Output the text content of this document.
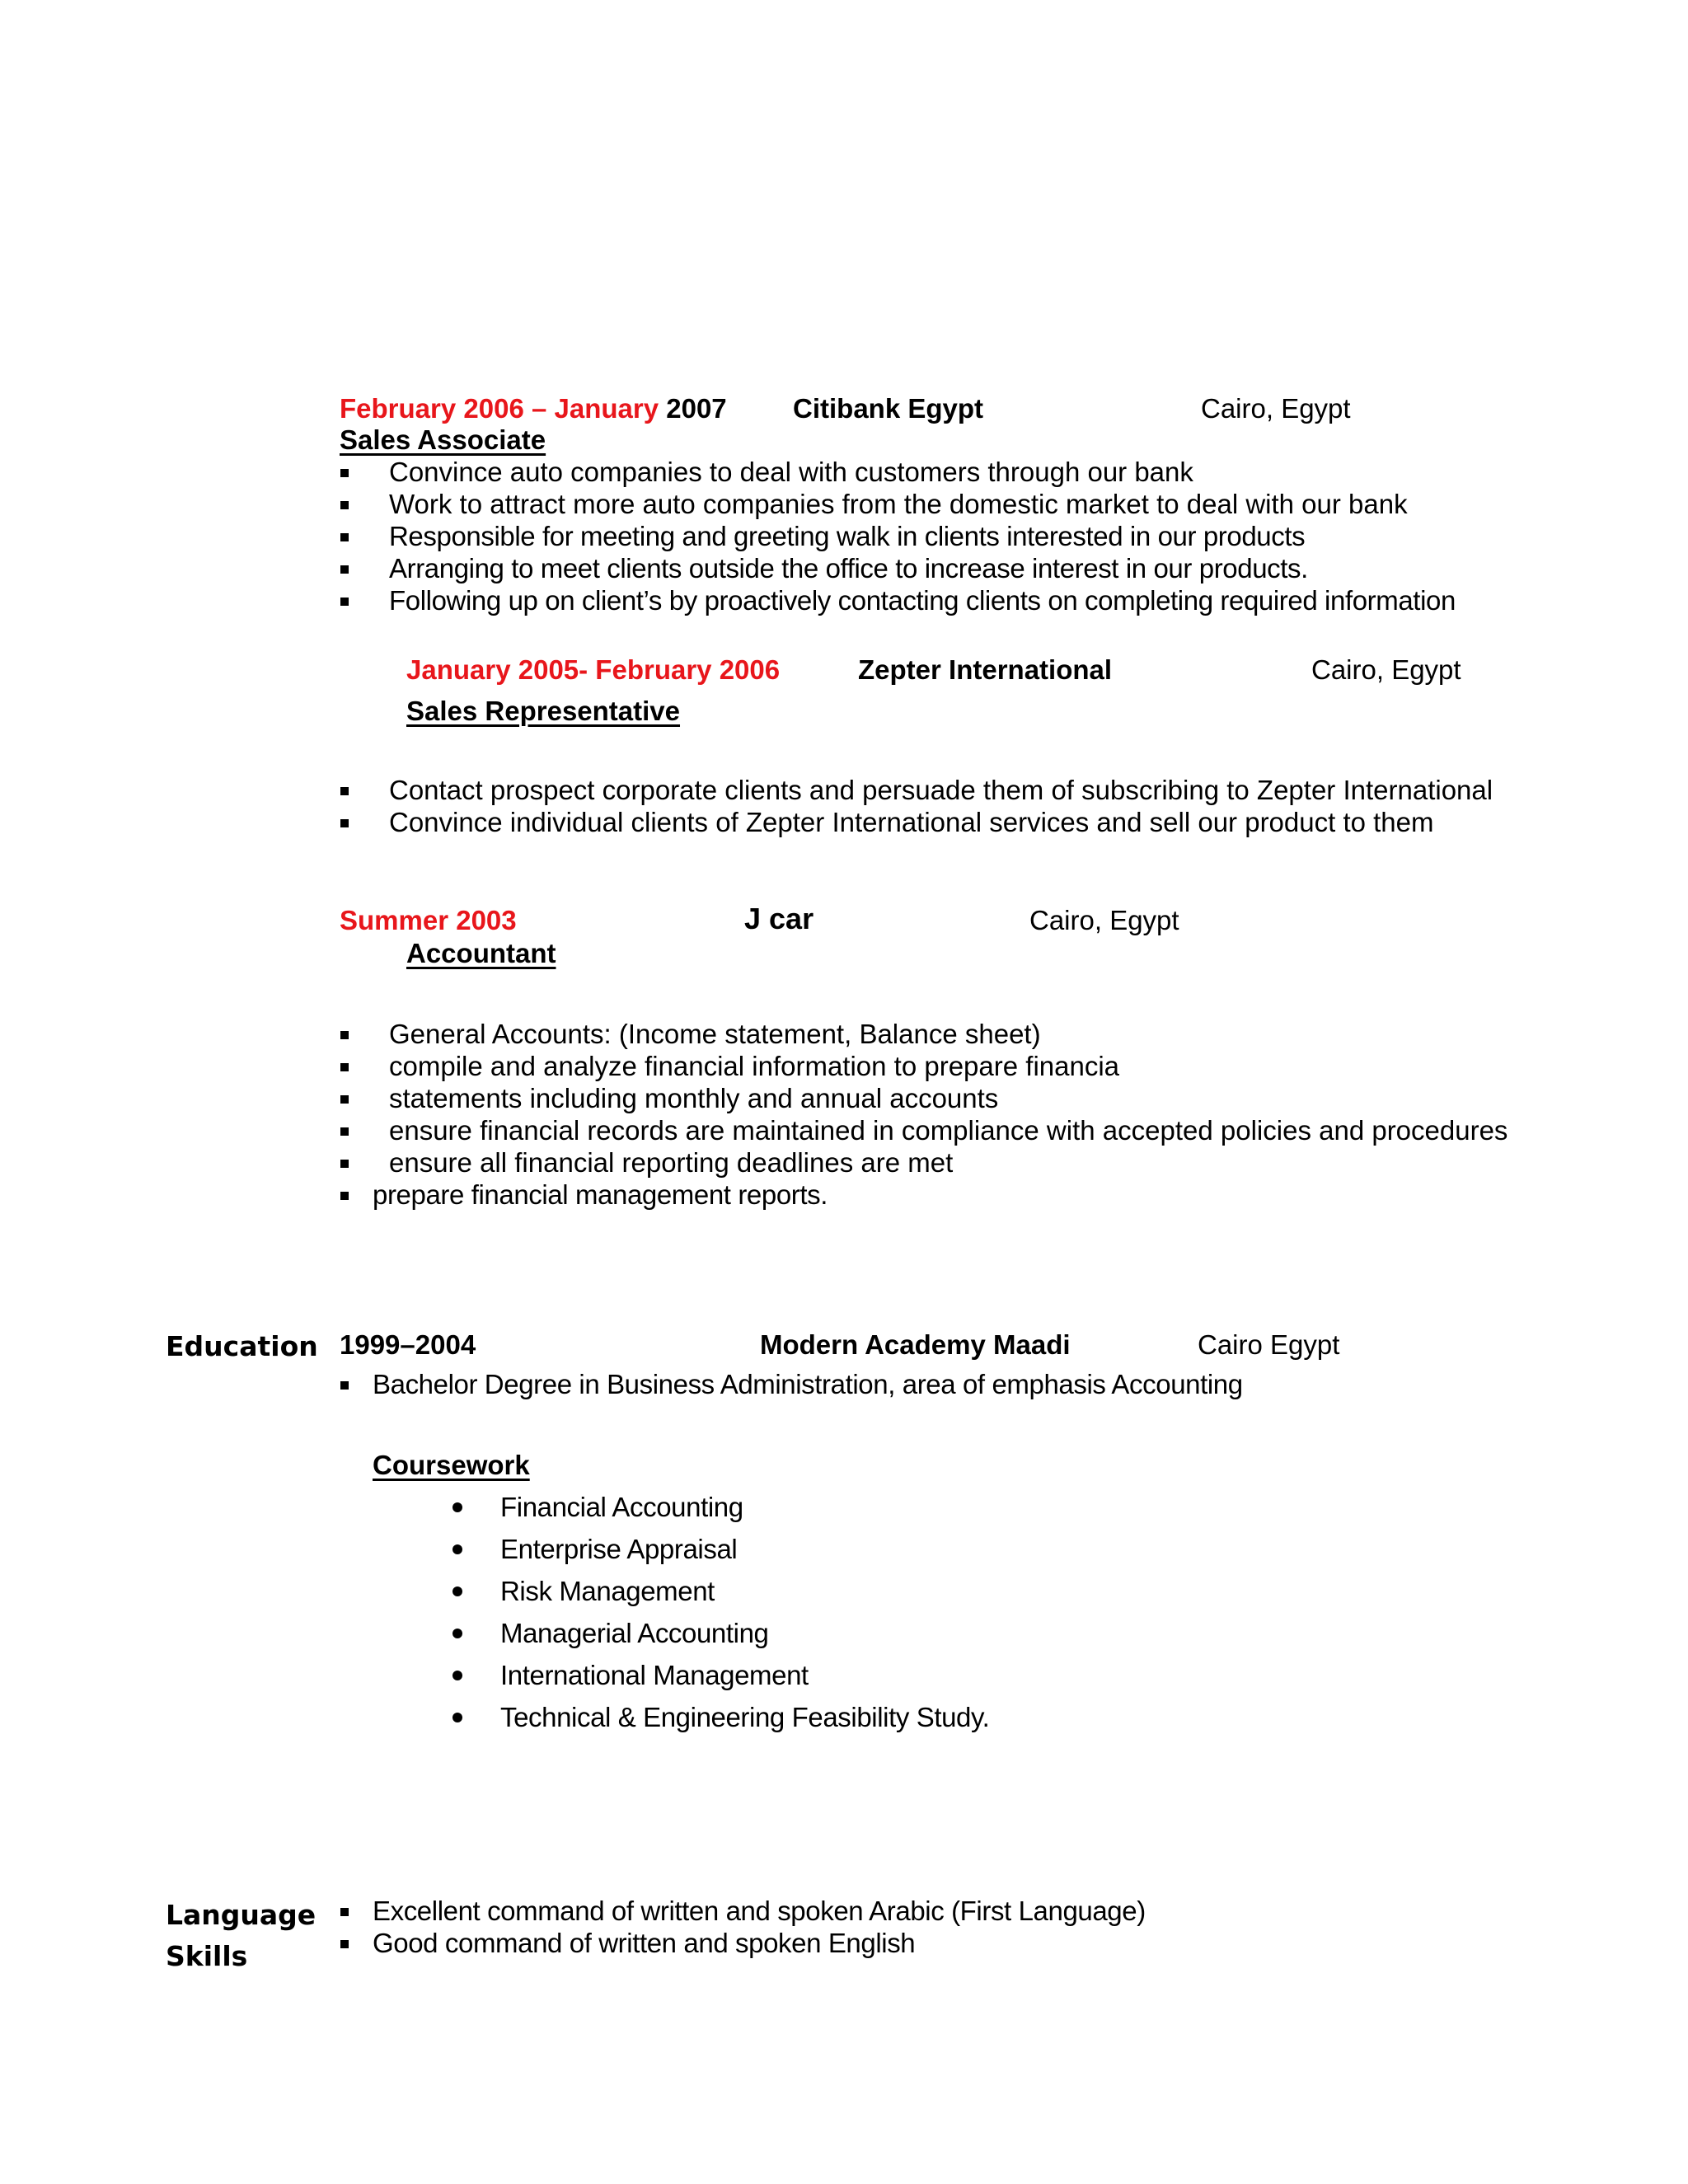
February 2006 – January 2007 Citibank Egypt	Cairo, Egypt
Sales Associate
Convince auto companies to deal with customers through our bank
Work to attract more auto companies from the domestic market to deal with our bank
Responsible for meeting and greeting walk in clients interested in our products
Arranging to meet clients outside the office to increase interest in our products.
Following up on client’s by proactively contacting clients on completing required information
January 2005- February 2006	Zepter International	Cairo, Egypt
Sales Representative
Contact prospect corporate clients and persuade them of subscribing to Zepter International
Convince individual clients of Zepter International services and sell our product to them
Summer 2003	J car	Cairo, Egypt
Accountant
General Accounts: (Income statement, Balance sheet)
compile and analyze financial information to prepare financia
statements including monthly and annual accounts
ensure financial records are maintained in compliance with accepted policies and procedures
ensure all financial reporting deadlines are met
prepare financial management reports.
Education 1999–2004	Modern Academy Maadi	Cairo Egypt
Bachelor Degree in Business Administration, area of emphasis Accounting
Coursework
Financial Accounting
Enterprise Appraisal
Risk Management
Managerial Accounting
International Management
Technical & Engineering Feasibility Study.
Language
Skills
Excellent command of written and spoken Arabic (First Language)
Good command of written and spoken English
